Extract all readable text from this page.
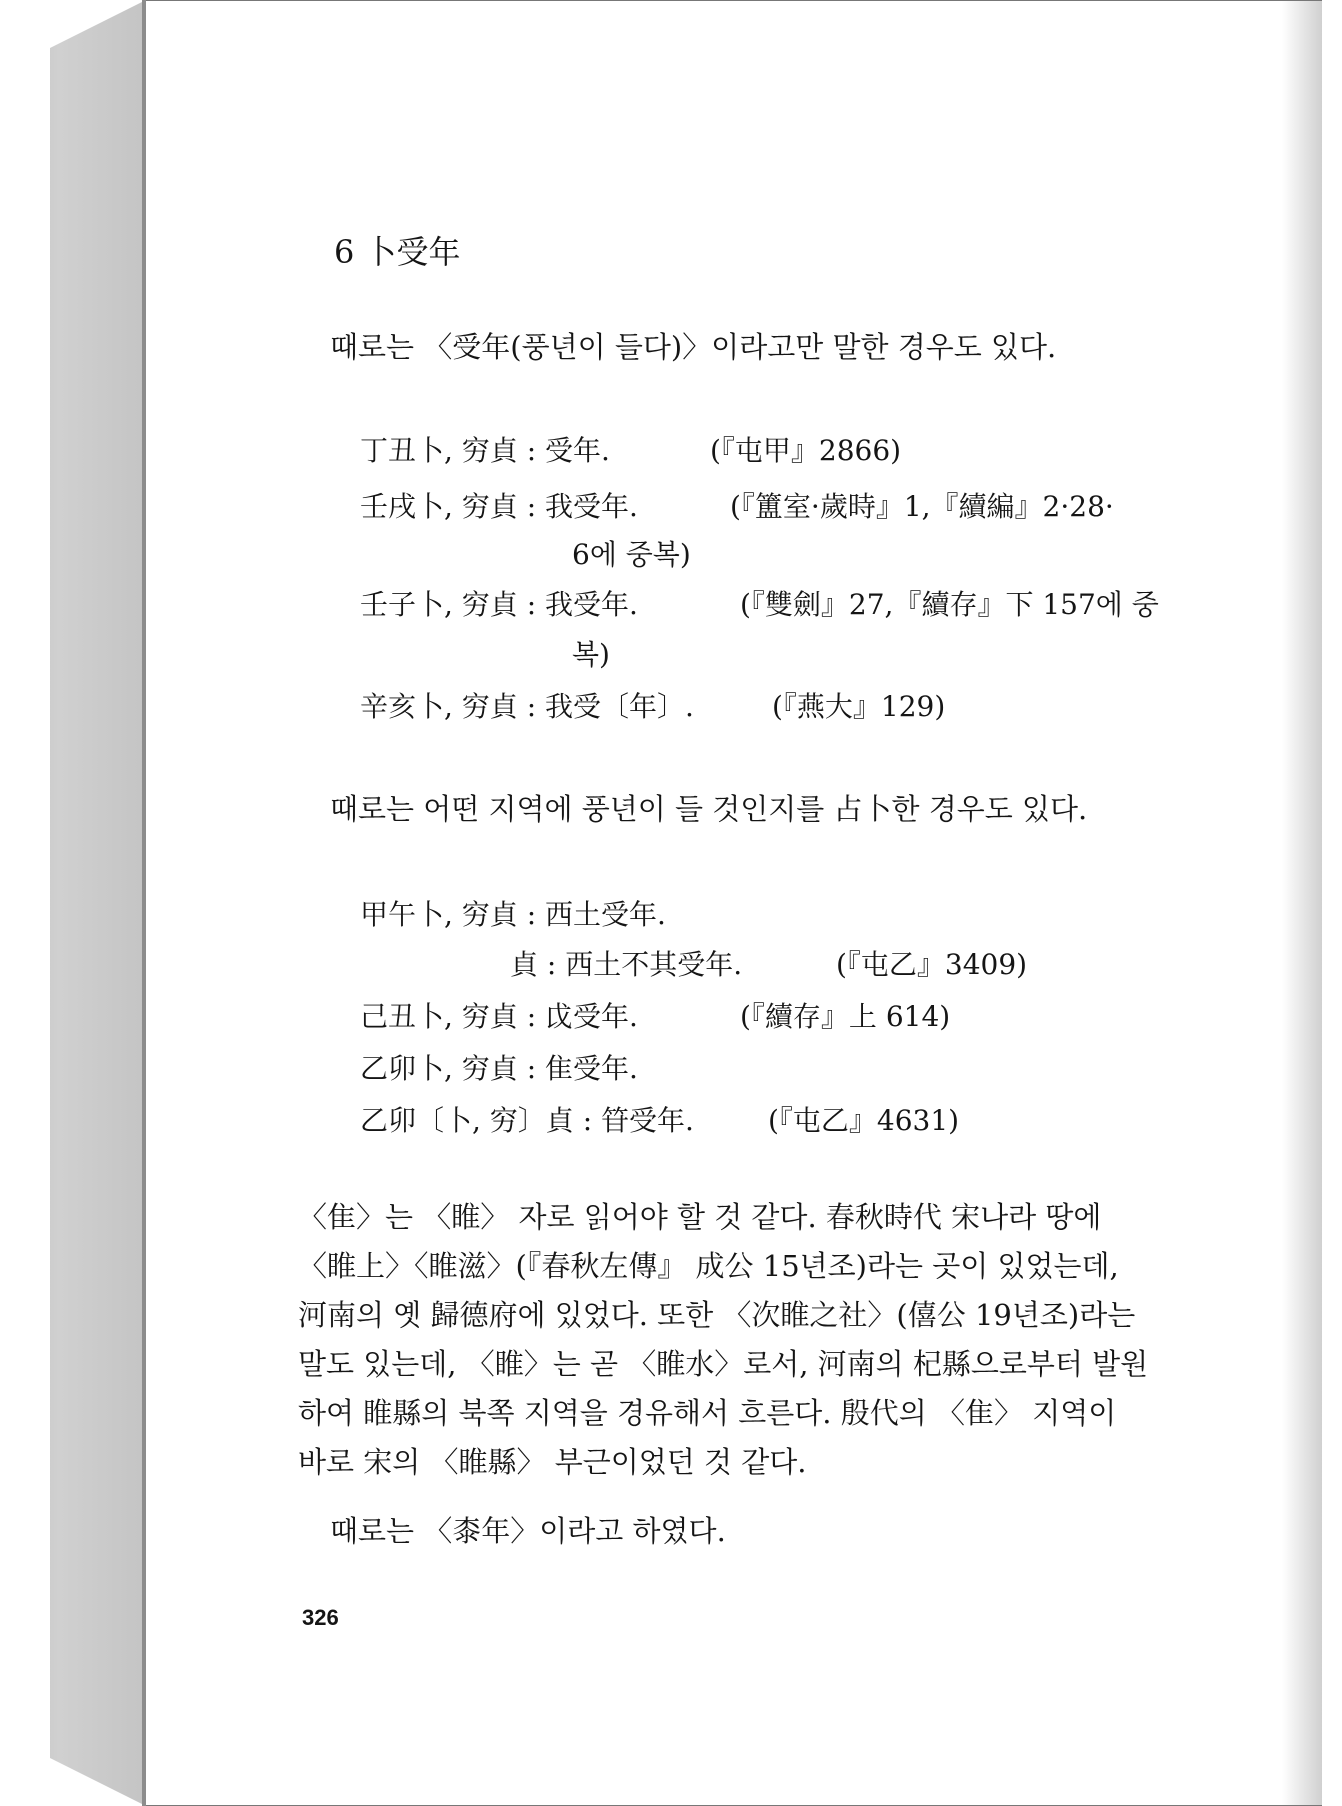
6 卜受年
때로는 〈受年(풍년이 들다)〉이라고만 말한 경우도 있다.
丁丑卜, 穷貞 : 受年.	(『屯甲』2866)
壬戌卜, 穷貞 : 我受年.	(『簠室·歲時』1,『續編』2·28·
6에 중복)
壬子卜, 穷貞 : 我受年.	(『雙劍』27,『續存』下 157에 중
복)
辛亥卜, 穷貞 : 我受〔年〕.	(『燕大』129)
때로는 어떤 지역에 풍년이 들 것인지를 占卜한 경우도 있다.
甲午卜, 穷貞 : 西土受年.
貞 : 西土不其受年.	(『屯乙』3409)
己丑卜, 穷貞 : 戉受年.	(『續存』上 614)
乙卯卜, 穷貞 : 隹受年.
乙卯〔卜, 穷〕貞 : 䇞受年.	(『屯乙』4631)

〈隹〉는 〈睢〉 자로 읽어야 할 것 같다. 春秋時代 宋나라 땅에

〈睢上〉〈睢滋〉(『春秋左傳』 成公 15년조)라는 곳이 있었는데,

河南의 옛 歸德府에 있었다. 또한 〈次睢之社〉(僖公 19년조)라는

말도 있는데, 〈睢〉는 곧 〈睢水〉로서, 河南의 杞縣으로부터 발원

하여 睢縣의 북쪽 지역을 경유해서 흐른다. 殷代의 〈隹〉 지역이

바로 宋의 〈睢縣〉 부근이었던 것 같다.

때로는 〈桼年〉이라고 하였다.
326
